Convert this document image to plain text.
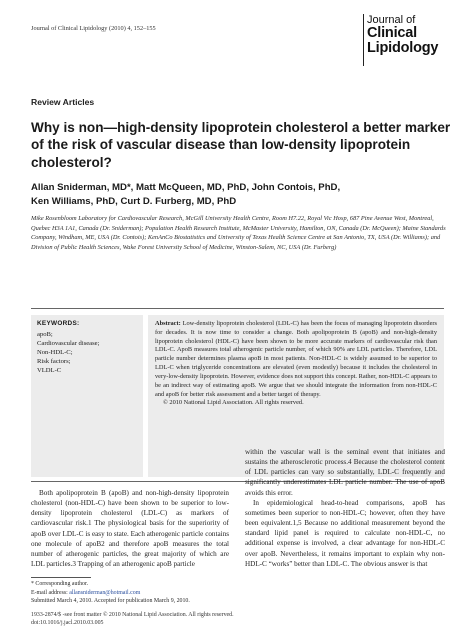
Journal of Clinical Lipidology (2010) 4, 152–155
Journal of
Clinical
Lipidology
Review Articles
Why is non—high-density lipoprotein cholesterol a better marker of the risk of vascular disease than low-density lipoprotein cholesterol?
Allan Sniderman, MD*, Matt McQueen, MD, PhD, John Contois, PhD,
Ken Williams, PhD, Curt D. Furberg, MD, PhD
Mike Rosenbloom Laboratory for Cardiovascular Research, McGill University Health Centre, Room H7.22, Royal Vic Hosp, 687 Pine Avenue West, Montreal, Quebec H3A 1A1, Canada (Dr. Sniderman); Population Health Research Institute, McMaster University, Hamilton, ON, Canada (Dr. McQueen); Maine Standards Company, Windham, ME, USA (Dr. Contois); KenAnCo Biostatistics and University of Texas Health Science Centre at San Antonio, TX, USA (Dr. Williams); and Division of Public Health Sciences, Wake Forest University School of Medicine, Winston-Salem, NC, USA (Dr. Furberg)
KEYWORDS:
apoB;
Cardiovascular disease;
Non-HDL-C;
Risk factors;
VLDL-C
Abstract: Low-density lipoprotein cholesterol (LDL-C) has been the focus of managing lipoprotein disorders for decades. It is now time to consider a change. Both apolipoprotein B (apoB) and non-high-density lipoprotein cholesterol (HDL-C) have been shown to be more accurate markers of cardiovascular risk than LDL-C. ApoB measures total atherogenic particle number, of which 90% are LDL particles. Therefore, LDL particle number determines plasma apoB in most patients. Non-HDL-C is widely assumed to be superior to LDL-C when triglyceride concentrations are elevated (even modestly) because it includes the cholesterol in very-low-density lipoprotein. However, evidence does not support this concept. Rather, non-HDL-C appears to be an indirect way of estimating apoB. We argue that we should integrate the information from non-HDL-C and apoB for better risk assessment and a better target of therapy.
© 2010 National Lipid Association. All rights reserved.

Both apolipoprotein B (apoB) and non-high-density lipoprotein cholesterol (non-HDL-C) have been shown to be superior to low-density lipoprotein cholesterol (LDL-C) as markers of cardiovascular risk.1 The physiological basis for the superiority of apoB over LDL-C is easy to state. Each atherogenic particle contains one molecule of apoB2 and therefore apoB measures the total number of atherogenic particles, the great majority of which are LDL particles.3 Trapping of an atherogenic apoB particle

within the vascular wall is the seminal event that initiates and sustains the atherosclerotic process.4 Because the cholesterol content of LDL particles can vary so substantially, LDL-C frequently and significantly underestimates LDL particle number. The use of apoB avoids this error.

In epidemiological head-to-head comparisons, apoB has sometimes been superior to non-HDL-C; however, often they have been equivalent.1,5 Because no additional measurement beyond the standard lipid panel is required to calculate non-HDL-C, no additional expense is involved, a clear advantage for non-HDL-C over apoB. Nevertheless, it remains important to explain why non-HDL-C “works” better than LDL-C. The obvious answer is that

* Corresponding author.
E-mail address: allansniderman@hotmail.com
Submitted March 4, 2010. Accepted for publication March 9, 2010.
1933-2874/$ -see front matter © 2010 National Lipid Association. All rights reserved.
doi:10.1016/j.jacl.2010.03.005
